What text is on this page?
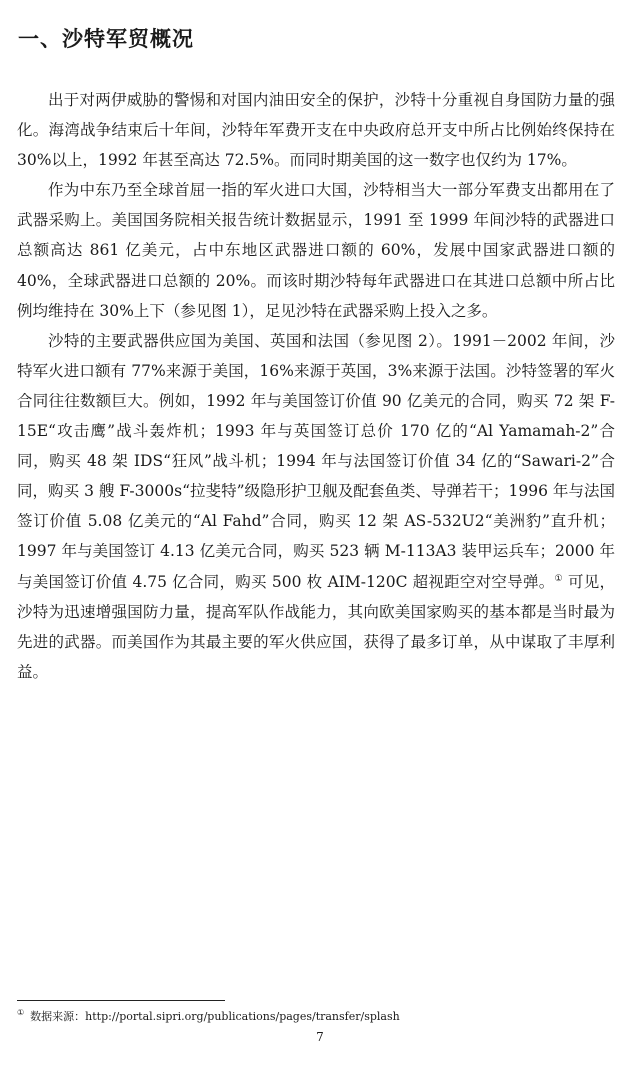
一、沙特军贸概况

出于对两伊威胁的警惕和对国内油田安全的保护，沙特十分重视自身国防力量的强化。海湾战争结束后十年间，沙特年军费开支在中央政府总开支中所占比例始终保持在 30%以上，1992 年甚至高达 72.5%。而同时期美国的这一数字也仅约为 17%。

作为中东乃至全球首屈一指的军火进口大国，沙特相当大一部分军费支出都用在了武器采购上。美国国务院相关报告统计数据显示，1991 至 1999 年间沙特的武器进口总额高达 861 亿美元，占中东地区武器进口额的 60%，发展中国家武器进口额的 40%，全球武器进口总额的 20%。而该时期沙特每年武器进口在其进口总额中所占比例均维持在 30%上下（参见图 1），足见沙特在武器采购上投入之多。

沙特的主要武器供应国为美国、英国和法国（参见图 2）。1991－2002 年间，沙特军火进口额有 77%来源于美国，16%来源于英国，3%来源于法国。沙特签署的军火合同往往数额巨大。例如，1992 年与美国签订价值 90 亿美元的合同，购买 72 架 F-15E“攻击鹰”战斗轰炸机；1993 年与英国签订总价 170 亿的“Al Yamamah-2”合同，购买 48 架 IDS“狂风”战斗机；1994 年与法国签订价值 34 亿的“Sawari-2”合同，购买 3 艘 F-3000s“拉斐特”级隐形护卫舰及配套鱼类、导弹若干；1996 年与法国签订价值 5.08 亿美元的“Al Fahd”合同，购买 12 架 AS-532U2“美洲豹”直升机；1997 年与美国签订 4.13 亿美元合同，购买 523 辆 M-113A3 装甲运兵车；2000 年与美国签订价值 4.75 亿合同，购买 500 枚 AIM-120C 超视距空对空导弹。① 可见，沙特为迅速增强国防力量，提高军队作战能力，其向欧美国家购买的基本都是当时最为先进的武器。而美国作为其最主要的军火供应国，获得了最多订单，从中谋取了丰厚利益。

① 数据来源：http://portal.sipri.org/publications/pages/transfer/splash
7
